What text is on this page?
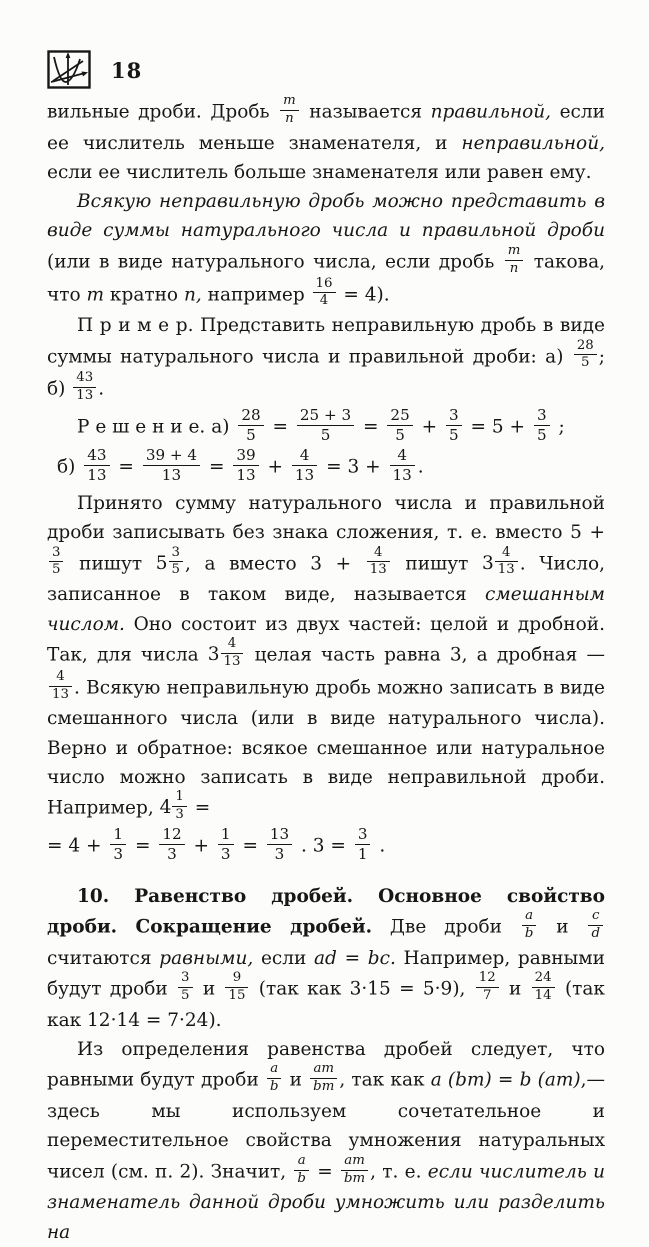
18

вильные дроби. Дробь $\frac{m}{n}$ называется правильной, если ее числитель меньше знаменателя, и неправильной, если ее числитель больше знаменателя или равен ему.

Всякую неправильную дробь можно представить в виде суммы натурального числа и правильной дроби (или в виде натурального числа, если дробь $\frac{m}{n}$ такова, что m кратно n, например $\frac{16}{4} = 4$).

П р и м е р. Представить неправильную дробь в виде суммы натурального числа и правильной дроби: $а) \frac{28}{5}$ ; $б) \frac{43}{13}$ .

Р е ш е н и е. $а) \frac{28}{5} = \frac{25 + 3}{5} = \frac{25}{5} + \frac{3}{5} = 5 + \frac{3}{5}$ ;

$б) \frac{43}{13} = \frac{39 + 4}{13} = \frac{39}{13} + \frac{4}{13} = 3 + \frac{4}{13}$ .

Принято сумму натурального числа и правильной дроби записывать без знака сложения, т. е. вместо 5 +
$\frac{3}{5}$ пишут $5 \frac{3}{5}$ , а вместо $3 + \frac{4}{13}$ пишут $3 \frac{4}{13}$ . Число, записанное в таком виде, называется смешанным числом. Оно состоит из двух частей: целой и дробной. Так, для числа $3 \frac{4}{13}$ целая часть равна 3, а дробная —
$\frac{4}{13}$ . Всякую неправильную дробь можно записать в виде смешанного числа (или в виде натурального числа). Верно и обратное: всякое смешанное или натуральное число можно записать в виде неправильной дроби. Например, $4 \frac{1}{3}$ =

= $4 + \frac{1}{3} = \frac{12}{3} + \frac{1}{3} = \frac{13}{3}$ . $3 = \frac{3}{1}$ .

10. Равенство дробей. Основное свойство дроби. Сокращение дробей. Две дроби $\frac{a}{b}$ и $\frac{c}{d}$
считаются равными, если ad = bc. Например, равными будут дроби $\frac{3}{5}$ и $\frac{9}{15} (так$ как 3·15 = 5·9), $\frac{12}{7}$ и $\frac{24}{14} (так$ как 12·14 = 7·24).

Из определения равенства дробей следует, что равными будут дроби $\frac{a}{b}$ и $\frac{am}{bm}$ , так как a (bm) = b (am),— здесь мы используем сочетательное и переместительное свойства умножения натуральных чисел (см. п. 2). Значит, $\frac{a}{b} = \frac{am}{bm}$ , т. е. если числитель и знаменатель данной дроби умножить или разделить на
